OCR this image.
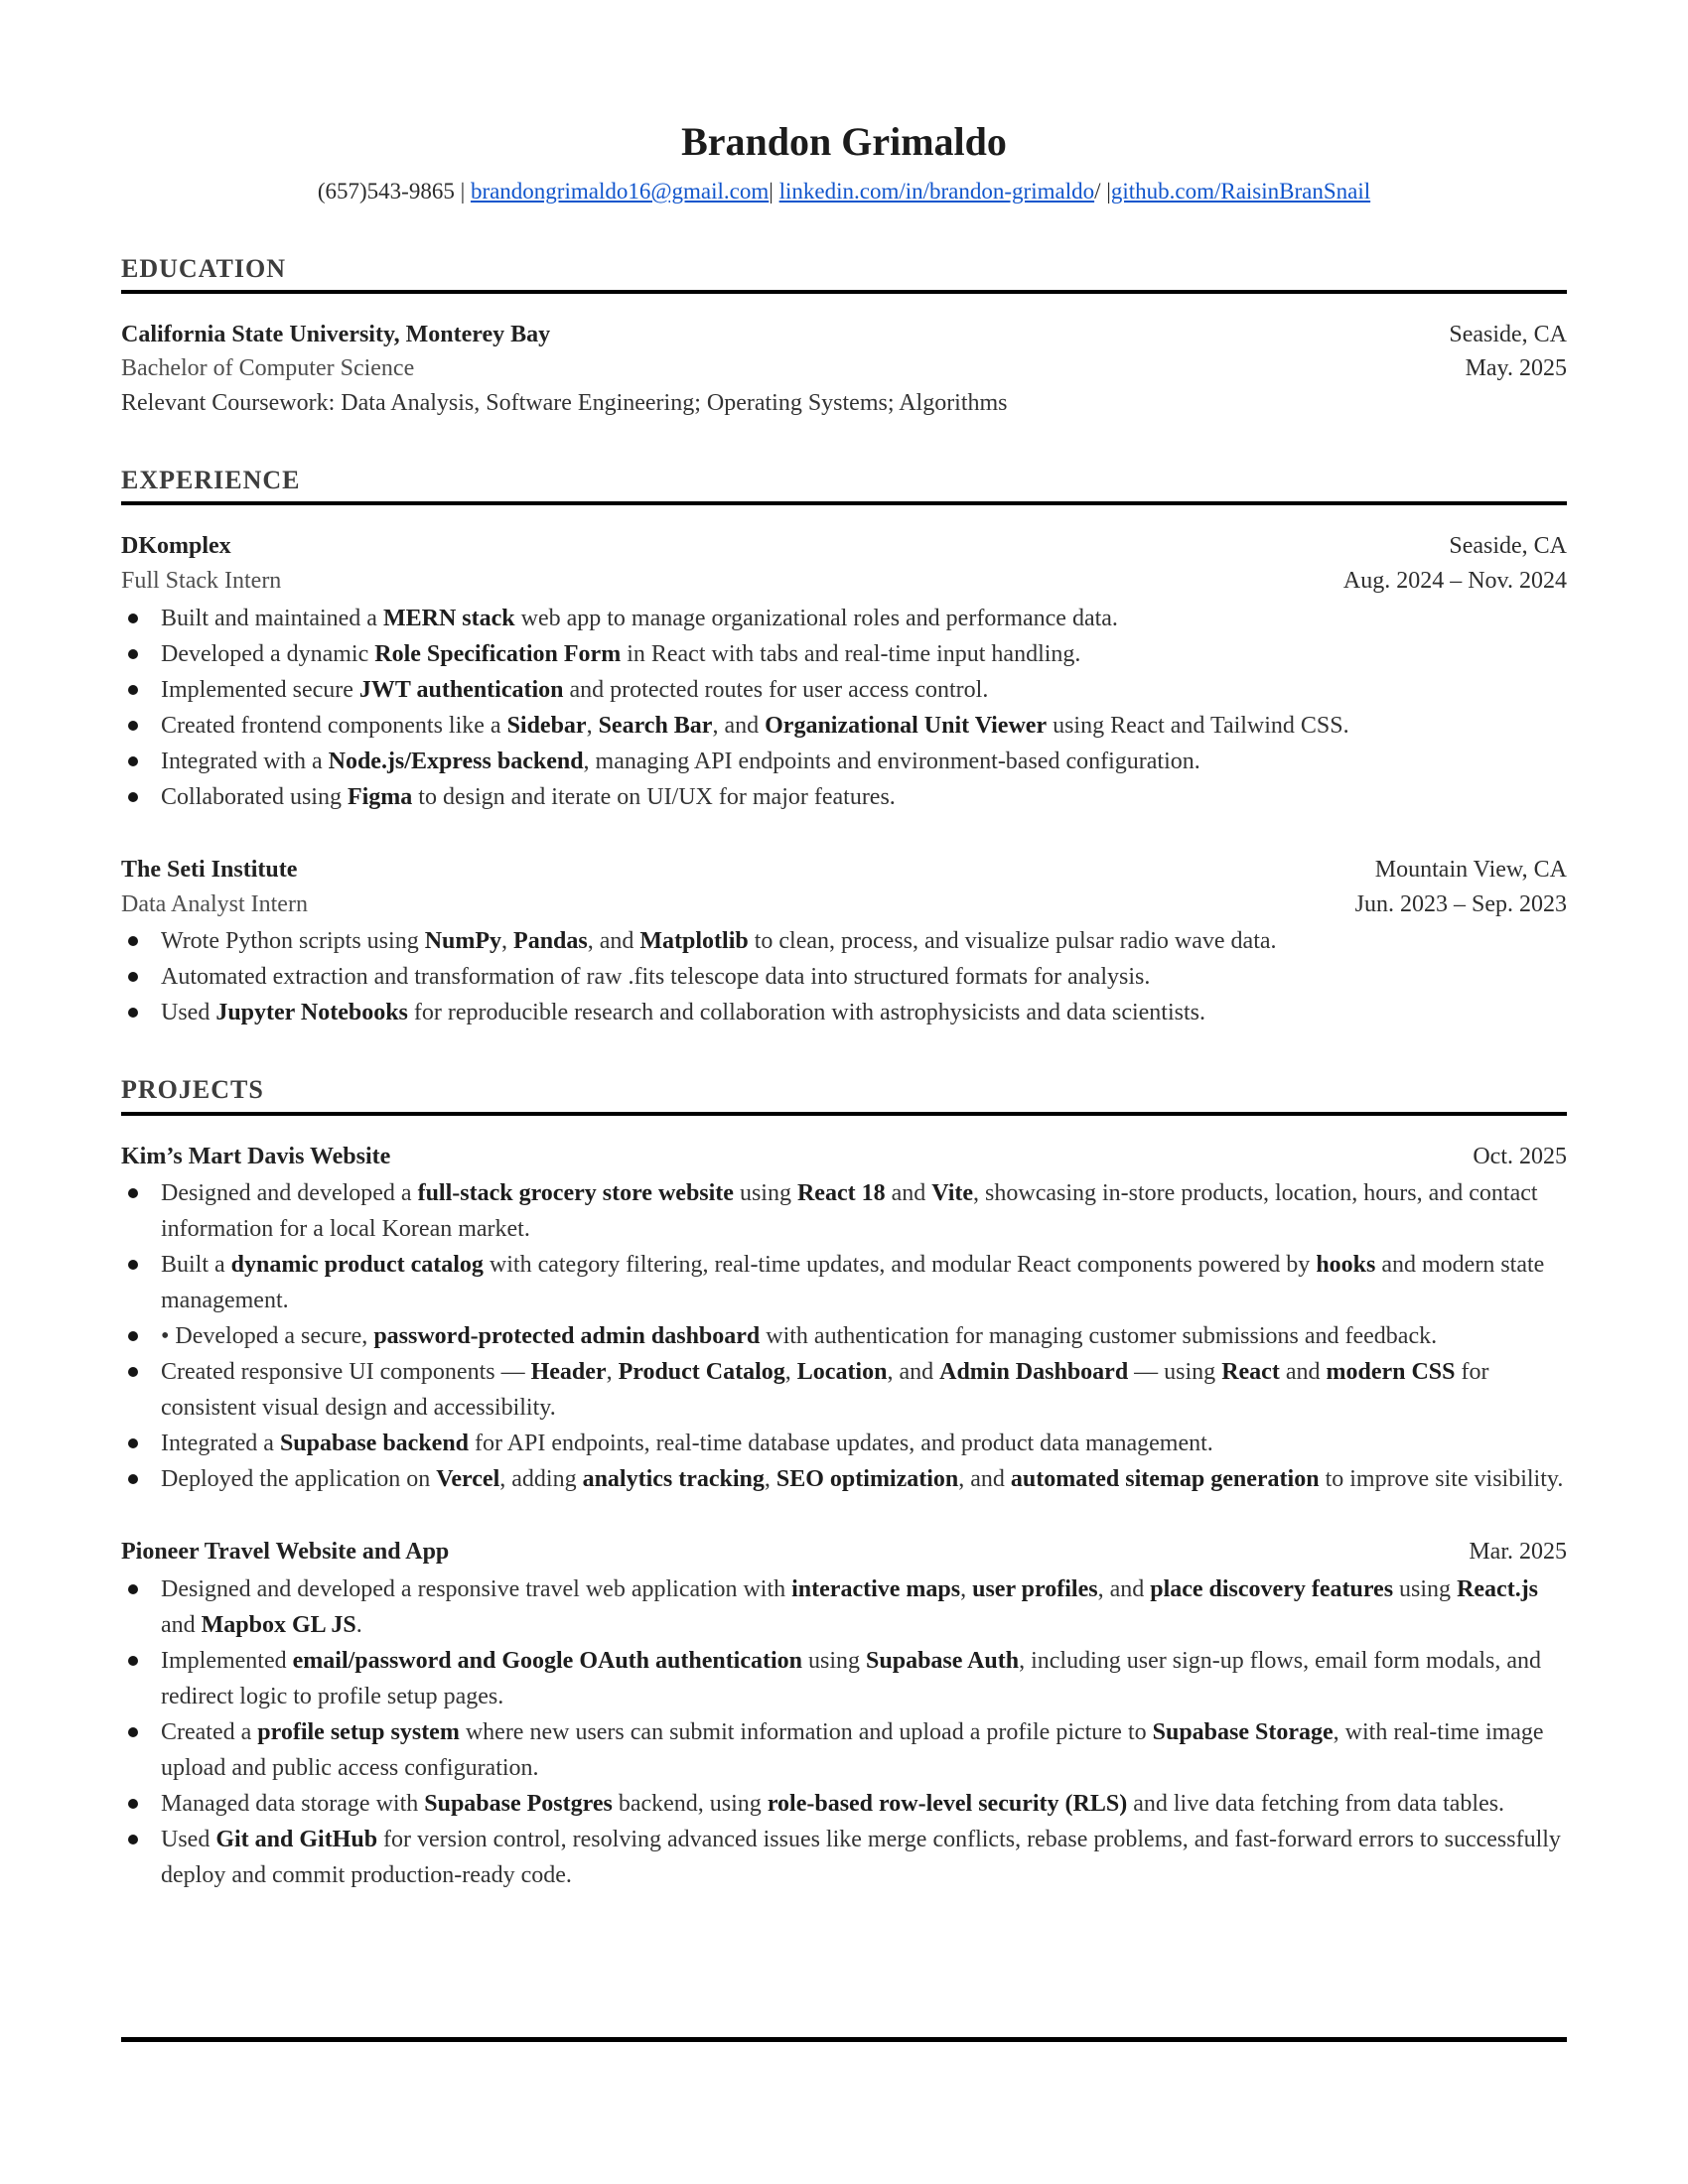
Brandon Grimaldo
(657)543-9865 | brandongrimaldo16@gmail.com| linkedin.com/in/brandon-grimaldo/ |github.com/RaisinBranSnail
EDUCATION
California State University, Monterey Bay	Seaside, CA
Bachelor of Computer Science	May. 2025
Relevant Coursework: Data Analysis, Software Engineering; Operating Systems; Algorithms
EXPERIENCE
DKomplex	Seaside, CA
Full Stack Intern	Aug. 2024 – Nov. 2024
Built and maintained a MERN stack web app to manage organizational roles and performance data.
Developed a dynamic Role Specification Form in React with tabs and real-time input handling.
Implemented secure JWT authentication and protected routes for user access control.
Created frontend components like a Sidebar, Search Bar, and Organizational Unit Viewer using React and Tailwind CSS.
Integrated with a Node.js/Express backend, managing API endpoints and environment-based configuration.
Collaborated using Figma to design and iterate on UI/UX for major features.
The Seti Institute	Mountain View, CA
Data Analyst Intern	Jun. 2023 – Sep. 2023
Wrote Python scripts using NumPy, Pandas, and Matplotlib to clean, process, and visualize pulsar radio wave data.
Automated extraction and transformation of raw .fits telescope data into structured formats for analysis.
Used Jupyter Notebooks for reproducible research and collaboration with astrophysicists and data scientists.
PROJECTS
Kim’s Mart Davis Website	Oct. 2025
Designed and developed a full-stack grocery store website using React 18 and Vite, showcasing in-store products, location, hours, and contact information for a local Korean market.
Built a dynamic product catalog with category filtering, real-time updates, and modular React components powered by hooks and modern state management.
• Developed a secure, password-protected admin dashboard with authentication for managing customer submissions and feedback.
Created responsive UI components — Header, Product Catalog, Location, and Admin Dashboard — using React and modern CSS for consistent visual design and accessibility.
Integrated a Supabase backend for API endpoints, real-time database updates, and product data management.
Deployed the application on Vercel, adding analytics tracking, SEO optimization, and automated sitemap generation to improve site visibility.
Pioneer Travel Website and App	Mar. 2025
Designed and developed a responsive travel web application with interactive maps, user profiles, and place discovery features using React.js and Mapbox GL JS.
Implemented email/password and Google OAuth authentication using Supabase Auth, including user sign-up flows, email form modals, and redirect logic to profile setup pages.
Created a profile setup system where new users can submit information and upload a profile picture to Supabase Storage, with real-time image upload and public access configuration.
Managed data storage with Supabase Postgres backend, using role-based row-level security (RLS) and live data fetching from data tables.
Used Git and GitHub for version control, resolving advanced issues like merge conflicts, rebase problems, and fast-forward errors to successfully deploy and commit production-ready code.
